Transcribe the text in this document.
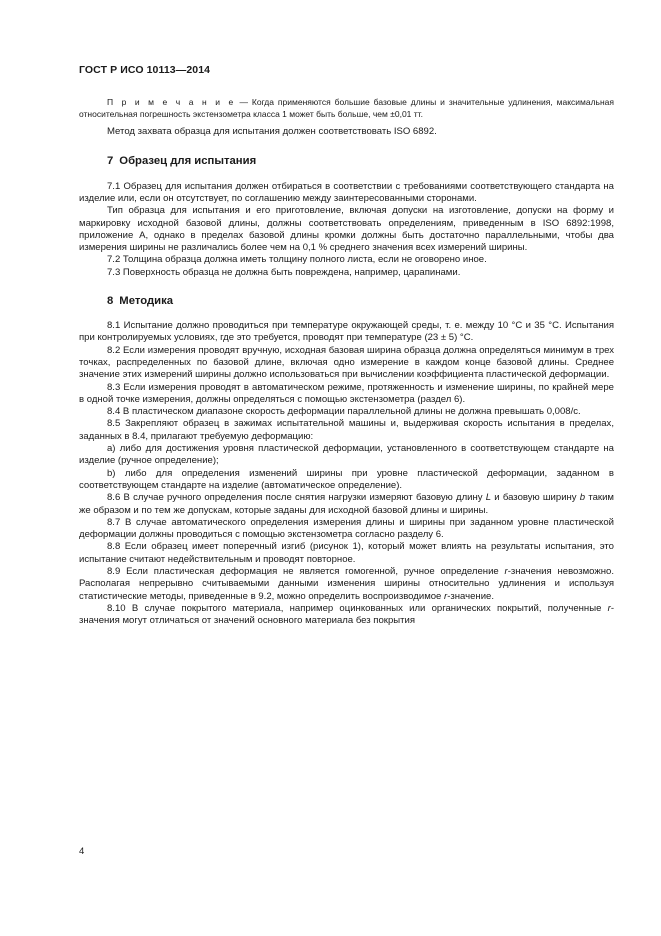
ГОСТ Р ИСО 10113—2014

П р и м е ч а н и е — Когда применяются большие базовые длины и значительные удлинения, максимальная относительная погрешность экстензометра класса 1 может быть больше, чем ±0,01 тт.

Метод захвата образца для испытания должен соответствовать ISO 6892.

7 Образец для испытания

7.1 Образец для испытания должен отбираться в соответствии с требованиями соответствующего стандарта на изделие или, если он отсутствует, по соглашению между заинтересованными сторонами.

Тип образца для испытания и его приготовление, включая допуски на изготовление, допуски на форму и маркировку исходной базовой длины, должны соответствовать определениям, приведенным в ISO 6892:1998, приложение A, однако в пределах базовой длины кромки должны быть достаточно параллельными, чтобы два измерения ширины не различались более чем на 0,1 % среднего значения всех измерений ширины.

7.2 Толщина образца должна иметь толщину полного листа, если не оговорено иное.

7.3 Поверхность образца не должна быть повреждена, например, царапинами.

8 Методика

8.1 Испытание должно проводиться при температуре окружающей среды, т. е. между 10 °C и 35 °C. Испытания при контролируемых условиях, где это требуется, проводят при температуре (23 ± 5) °C.

8.2 Если измерения проводят вручную, исходная базовая ширина образца должна определяться минимум в трех точках, распределенных по базовой длине, включая одно измерение в каждом конце базовой длины. Среднее значение этих измерений ширины должно использоваться при вычислении коэффициента пластической деформации.

8.3 Если измерения проводят в автоматическом режиме, протяженность и изменение ширины, по крайней мере в одной точке измерения, должны определяться с помощью экстензометра (раздел 6).

8.4 В пластическом диапазоне скорость деформации параллельной длины не должна превышать 0,008/с.

8.5 Закрепляют образец в зажимах испытательной машины и, выдерживая скорость испытания в пределах, заданных в 8.4, прилагают требуемую деформацию:

a) либо для достижения уровня пластической деформации, установленного в соответствующем стандарте на изделие (ручное определение);

b) либо для определения изменений ширины при уровне пластической деформации, заданном в соответствующем стандарте на изделие (автоматическое определение).

8.6 В случае ручного определения после снятия нагрузки измеряют базовую длину L и базовую ширину b таким же образом и по тем же допускам, которые заданы для исходной базовой длины и ширины.

8.7 В случае автоматического определения измерения длины и ширины при заданном уровне пластической деформации должны проводиться с помощью экстензометра согласно разделу 6.

8.8 Если образец имеет поперечный изгиб (рисунок 1), который может влиять на результаты испытания, это испытание считают недействительным и проводят повторное.

8.9 Если пластическая деформация не является гомогенной, ручное определение r-значения невозможно. Располагая непрерывно считываемыми данными изменения ширины относительно удлинения и используя статистические методы, приведенные в 9.2, можно определить воспроизводимое r-значение.

8.10 В случае покрытого материала, например оцинкованных или органических покрытий, полученные r-значения могут отличаться от значений основного материала без покрытия

4
